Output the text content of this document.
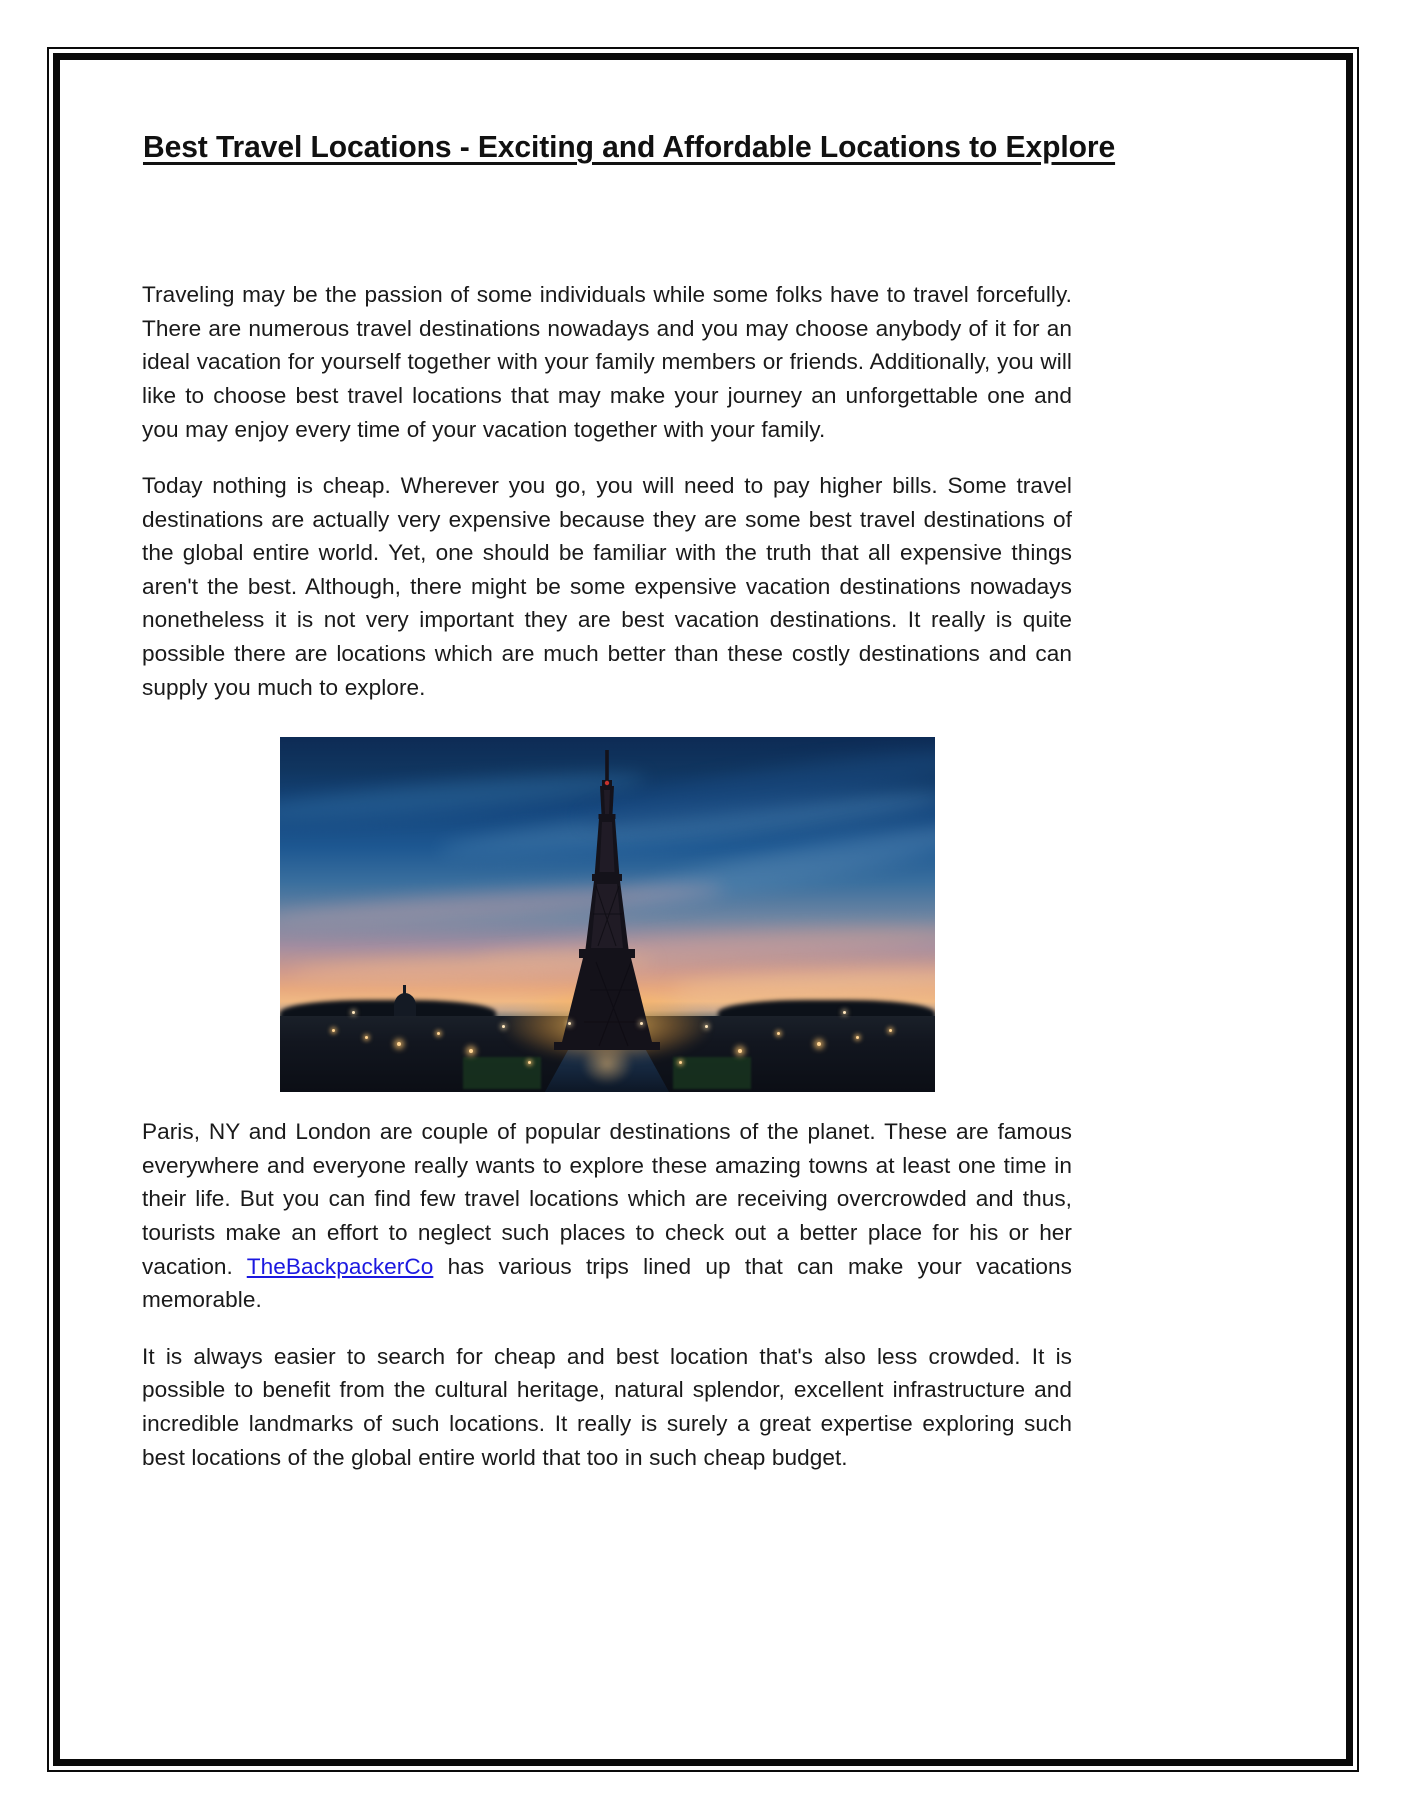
Best Travel Locations - Exciting and Affordable Locations to Explore

Traveling may be the passion of some individuals while some folks have to travel forcefully. There are numerous travel destinations nowadays and you may choose anybody of it for an ideal vacation for yourself together with your family members or friends. Additionally, you will like to choose best travel locations that may make your journey an unforgettable one and you may enjoy every time of your vacation together with your family.

Today nothing is cheap. Wherever you go, you will need to pay higher bills. Some travel destinations are actually very expensive because they are some best travel destinations of the global entire world. Yet, one should be familiar with the truth that all expensive things aren't the best. Although, there might be some expensive vacation destinations nowadays nonetheless it is not very important they are best vacation destinations. It really is quite possible there are locations which are much better than these costly destinations and can supply you much to explore.

Paris, NY and London are couple of popular destinations of the planet. These are famous everywhere and everyone really wants to explore these amazing towns at least one time in their life. But you can find few travel locations which are receiving overcrowded and thus, tourists make an effort to neglect such places to check out a better place for his or her vacation. TheBackpackerCo has various trips lined up that can make your vacations memorable.

It is always easier to search for cheap and best location that's also less crowded. It is possible to benefit from the cultural heritage, natural splendor, excellent infrastructure and incredible landmarks of such locations. It really is surely a great expertise exploring such best locations of the global entire world that too in such cheap budget.
